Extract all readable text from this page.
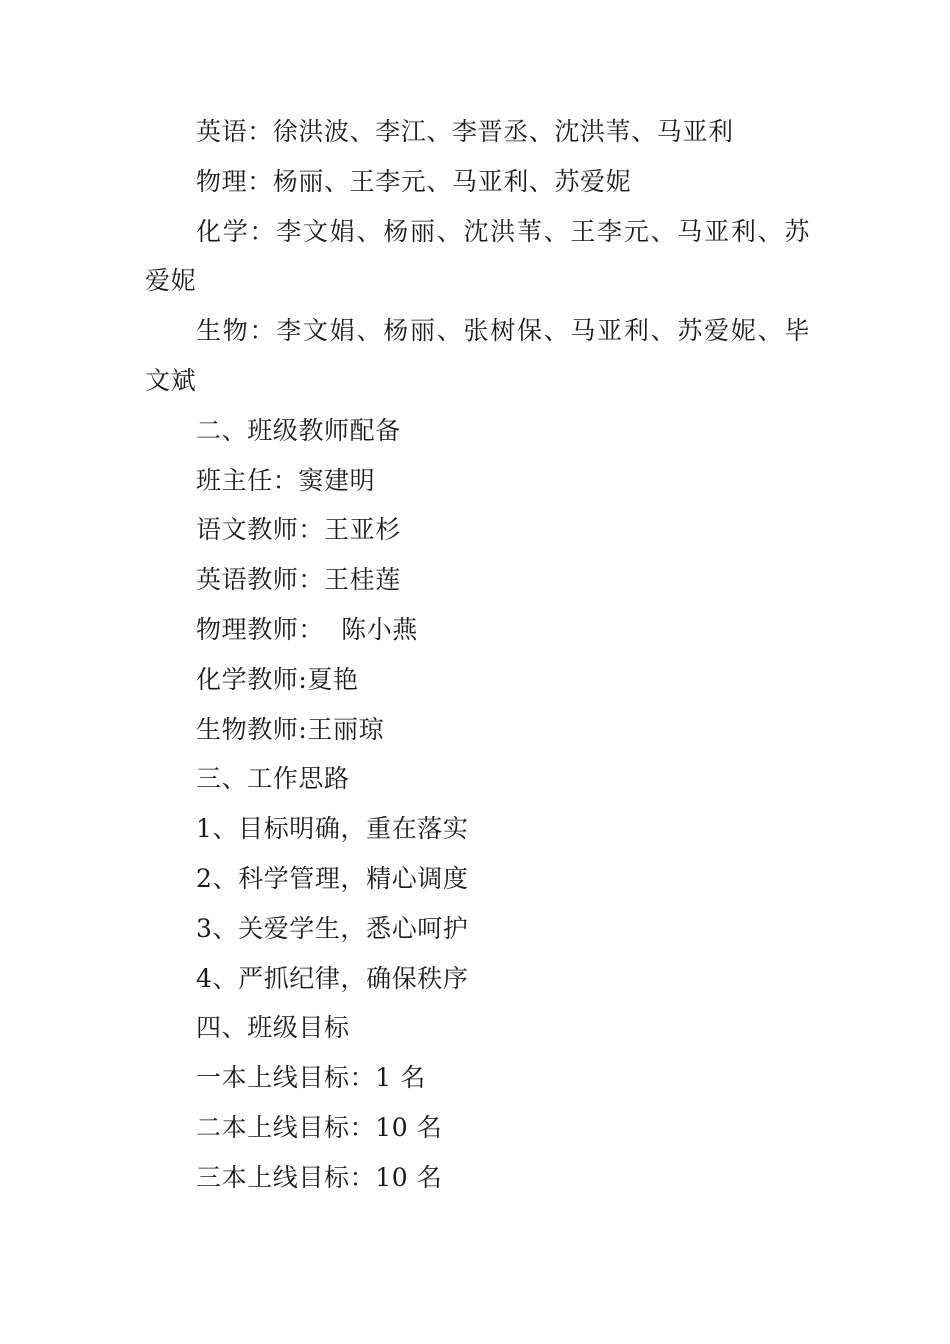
英语：徐洪波、李江、李晋丞、沈洪苇、马亚利

物理：杨丽、王李元、马亚利、苏爱妮

化学：李文娟、杨丽、沈洪苇、王李元、马亚利、苏爱妮

生物：李文娟、杨丽、张树保、马亚利、苏爱妮、毕文斌

二、班级教师配备

班主任：窦建明

语文教师：王亚杉

英语教师：王桂莲

物理教师：  陈小燕

化学教师:夏艳

生物教师:王丽琼

三、工作思路

1、目标明确，重在落实

2、科学管理，精心调度

3、关爱学生，悉心呵护

4、严抓纪律，确保秩序

四、班级目标

一本上线目标：1 名

二本上线目标：10 名

三本上线目标：10 名
